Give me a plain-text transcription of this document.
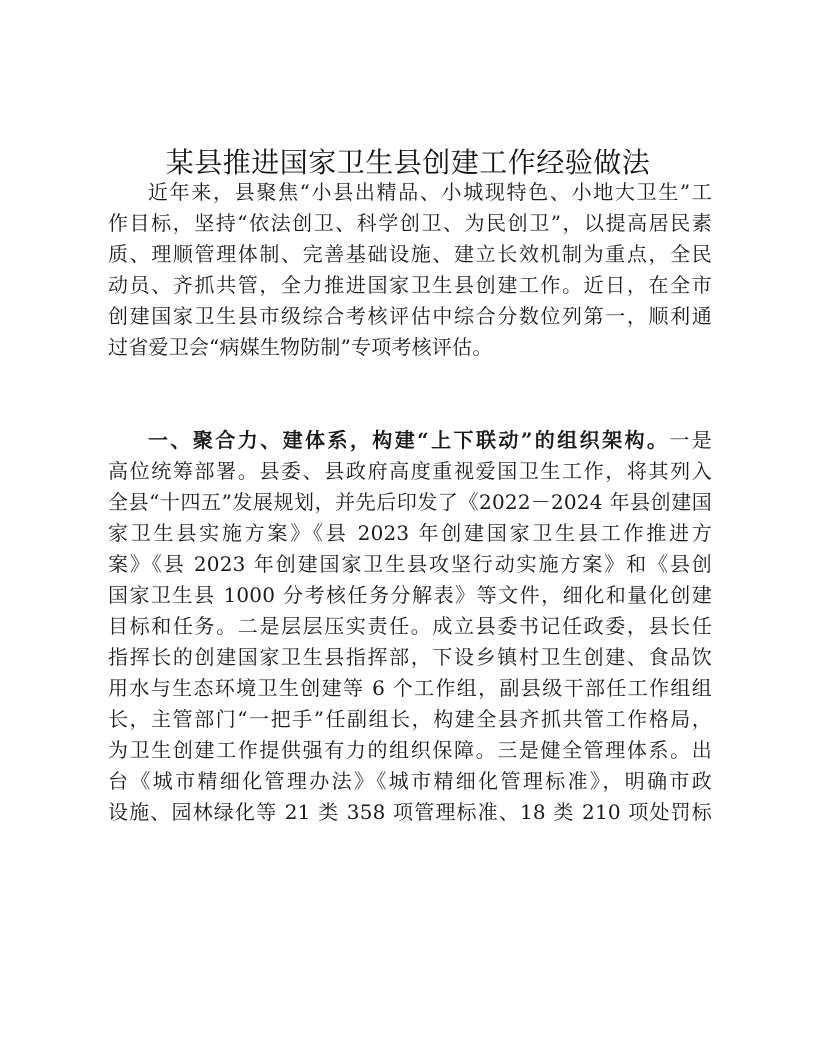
某县推进国家卫生县创建工作经验做法
近年来，县聚焦“小县出精品、小城现特色、小地大卫生”工
作目标，坚持“依法创卫、科学创卫、为民创卫”，以提高居民素
质、理顺管理体制、完善基础设施、建立长效机制为重点，全民
动员、齐抓共管，全力推进国家卫生县创建工作。近日，在全市
创建国家卫生县市级综合考核评估中综合分数位列第一，顺利通
过省爱卫会“病媒生物防制”专项考核评估。
一、聚合力、建体系，构建“上下联动”的组织架构。一是
高位统筹部署。县委、县政府高度重视爱国卫生工作，将其列入
全县“十四五”发展规划，并先后印发了《2022－2024 年县创建国
家卫生县实施方案》《县 2023 年创建国家卫生县工作推进方
案》《县 2023 年创建国家卫生县攻坚行动实施方案》和《县创
国家卫生县 1000 分考核任务分解表》等文件，细化和量化创建
目标和任务。二是层层压实责任。成立县委书记任政委，县长任
指挥长的创建国家卫生县指挥部，下设乡镇村卫生创建、食品饮
用水与生态环境卫生创建等 6 个工作组，副县级干部任工作组组
长，主管部门“一把手”任副组长，构建全县齐抓共管工作格局，
为卫生创建工作提供强有力的组织保障。三是健全管理体系。出
台《城市精细化管理办法》《城市精细化管理标准》，明确市政
设施、园林绿化等 21 类 358 项管理标准、18 类 210 项处罚标
